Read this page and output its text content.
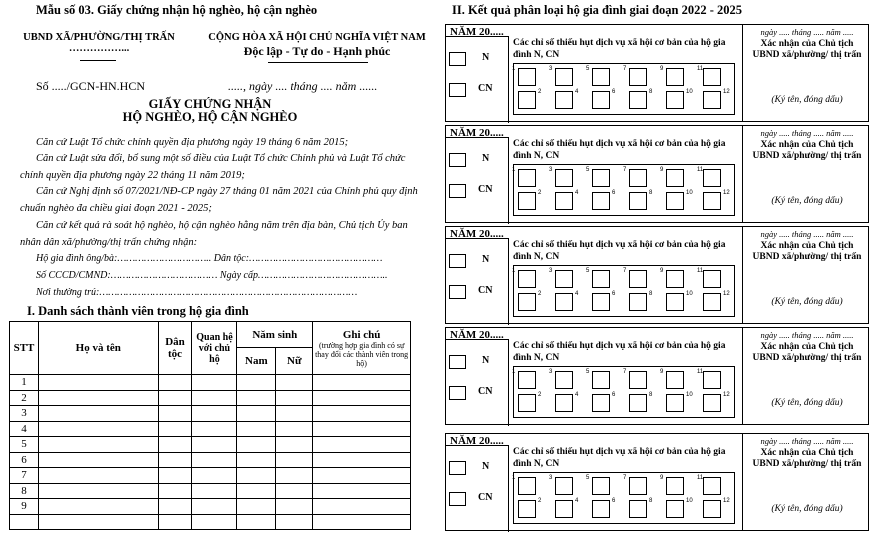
Mẫu số 03. Giấy chứng nhận hộ nghèo, hộ cận nghèo
UBND XÃ/PHƯỜNG/THỊ TRẤN
……………...
CỘNG HÒA XÃ HỘI CHỦ NGHĨA VIỆT NAM
Độc lập - Tự do - Hạnh phúc
Số ...../GCN-HN.HCN	....., ngày .... tháng .... năm ......
GIẤY CHỨNG NHẬN
HỘ NGHÈO, HỘ CẬN NGHÈO
Căn cứ Luật Tổ chức chính quyền địa phương ngày 19 tháng 6 năm 2015;
Căn cứ Luật sửa đổi, bổ sung một số điều của Luật Tổ chức Chính phủ và Luật Tổ chức
chính quyền địa phương ngày 22 tháng 11 năm 2019;
Căn cứ Nghị định số 07/2021/NĐ-CP ngày 27 tháng 01 năm 2021 của Chính phủ quy định
chuẩn nghèo đa chiều giai đoạn 2021 - 2025;
Căn cứ kết quả rà soát hộ nghèo, hộ cận nghèo hằng năm trên địa bàn, Chủ tịch Ủy ban
nhân dân xã/phường/thị trấn chứng nhận:
Hộ gia đình ông/bà:………………………….. Dân tộc:………………………………………
Số CCCD/CMND:……………………………… Ngày cấp……………………………………..
Nơi thường trú:……………………………………………………………………………
I. Danh sách thành viên trong hộ gia đình
STT	Họ và tên	Dân tộc	Quan hệ với chủ hộ	Năm sinh		Ghi chú
(trường hợp gia đình có sự thay đổi các thành viên trong hộ)

				Nam	Nữ	
1						
2						
3						
4						
5						
6						
7						
8						
9						

II. Kết quả phân loại hộ gia đình giai đoạn 2022 - 2025
NĂM 20.....
N
CN
Các chỉ số thiếu hụt dịch vụ xã hội cơ bản của hộ gia đình N, CN
1	3	5	7	9	11
2	4	6	8	10	12
ngày ..... tháng ..... năm .....
Xác nhận của Chủ tịch UBND xã/phường/ thị trấn
(Ký tên, đóng dấu)
NĂM 20.....
N
CN
Các chỉ số thiếu hụt dịch vụ xã hội cơ bản của hộ gia đình N, CN
1	3	5	7	9	11
2	4	6	8	10	12
ngày ..... tháng ..... năm .....
Xác nhận của Chủ tịch UBND xã/phường/ thị trấn
(Ký tên, đóng dấu)
NĂM 20.....
N
CN
Các chỉ số thiếu hụt dịch vụ xã hội cơ bản của hộ gia đình N, CN
1	3	5	7	9	11
2	4	6	8	10	12
ngày ..... tháng ..... năm .....
Xác nhận của Chủ tịch UBND xã/phường/ thị trấn
(Ký tên, đóng dấu)
NĂM 20.....
N
CN
Các chỉ số thiếu hụt dịch vụ xã hội cơ bản của hộ gia đình N, CN
1	3	5	7	9	11
2	4	6	8	10	12
ngày ..... tháng ..... năm .....
Xác nhận của Chủ tịch UBND xã/phường/ thị trấn
(Ký tên, đóng dấu)
NĂM 20.....
N
CN
Các chỉ số thiếu hụt dịch vụ xã hội cơ bản của hộ gia đình N, CN
1	3	5	7	9	11
2	4	6	8	10	12
ngày ..... tháng ..... năm .....
Xác nhận của Chủ tịch UBND xã/phường/ thị trấn
(Ký tên, đóng dấu)
